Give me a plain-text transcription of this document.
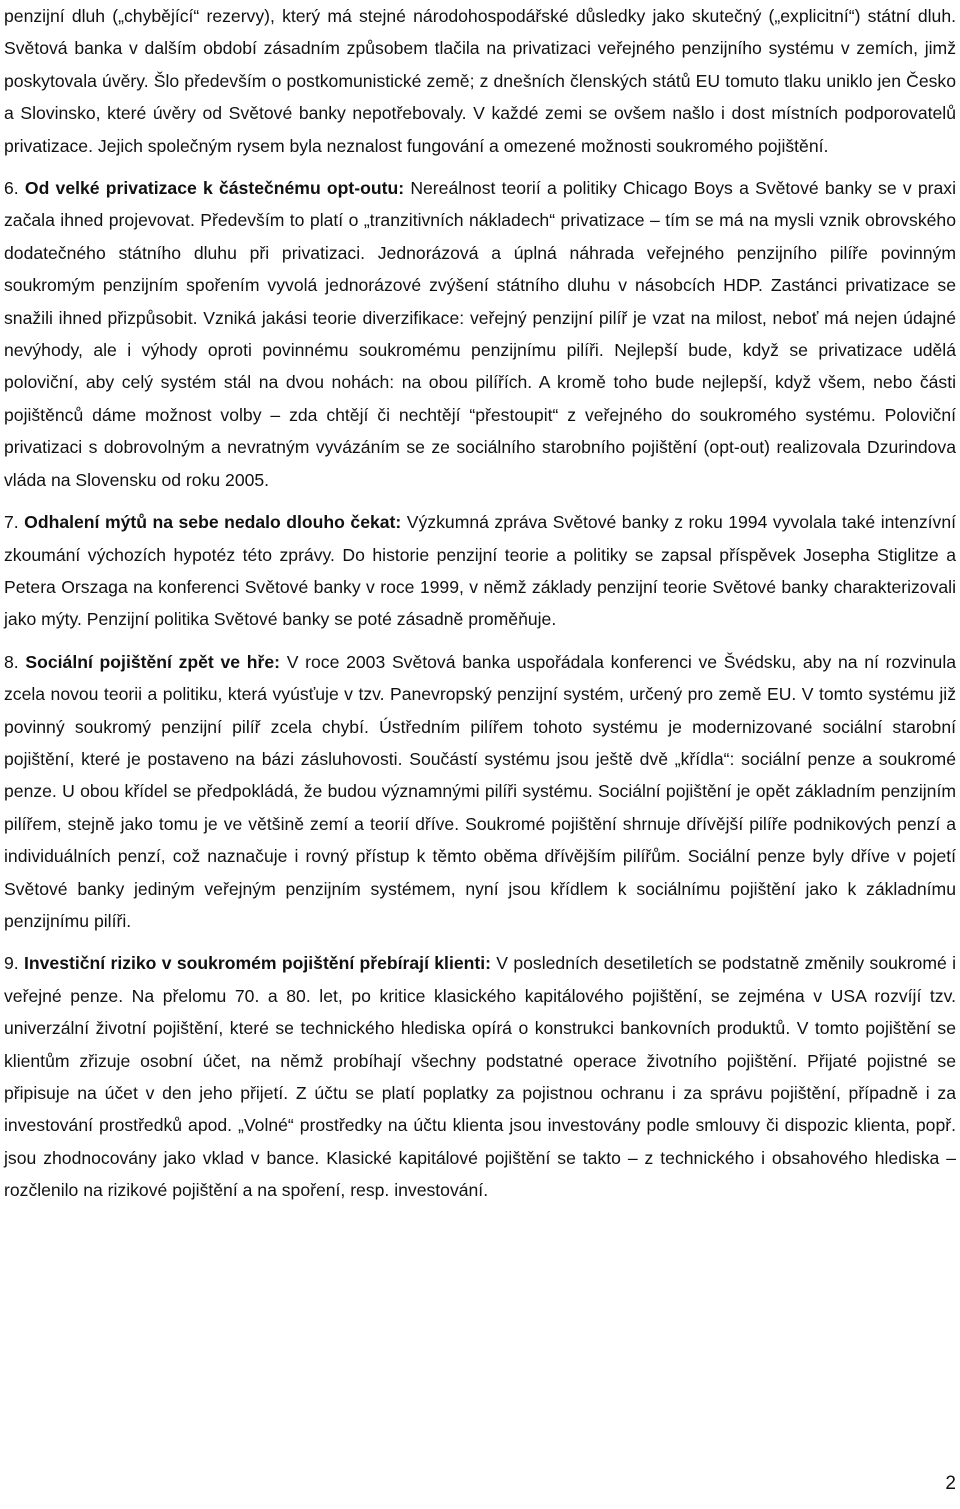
penzijní dluh („chybějící“ rezervy), který má stejné národohospodářské důsledky jako skutečný („explicitní“) státní dluh. Světová banka v dalším období zásadním způsobem tlačila na privatizaci veřejného penzijního systému v zemích, jimž poskytovala úvěry. Šlo především o postkomunistické země; z dnešních členských států EU tomuto tlaku uniklo jen Česko a Slovinsko, které úvěry od Světové banky nepotřebovaly. V každé zemi se ovšem našlo i dost místních podporovatelů privatizace. Jejich společným rysem byla neznalost fungování a omezené možnosti soukromého pojištění.

6. Od velké privatizace k částečnému opt-outu: Nereálnost teorií a politiky Chicago Boys a Světové banky se v praxi začala ihned projevovat. Především to platí o „tranzitivních nákladech“ privatizace – tím se má na mysli vznik obrovského dodatečného státního dluhu při privatizaci. Jednorázová a úplná náhrada veřejného penzijního pilíře povinným soukromým penzijním spořením vyvolá jednorázové zvýšení státního dluhu v násobcích HDP. Zastánci privatizace se snažili ihned přizpůsobit. Vzniká jakási teorie diverzifikace: veřejný penzijní pilíř je vzat na milost, neboť má nejen údajné nevýhody, ale i výhody oproti povinnému soukromému penzijnímu pilíři. Nejlepší bude, když se privatizace udělá poloviční, aby celý systém stál na dvou nohách: na obou pilířích. A kromě toho bude nejlepší, když všem, nebo části pojištěnců dáme možnost volby – zda chtějí či nechtějí “přestoupit“ z veřejného do soukromého systému. Poloviční privatizaci s dobrovolným a nevratným vyvázáním se ze sociálního starobního pojištění (opt-out) realizovala Dzurindova vláda na Slovensku od roku 2005.

7. Odhalení mýtů na sebe nedalo dlouho čekat: Výzkumná zpráva Světové banky z roku 1994 vyvolala také intenzívní zkoumání výchozích hypotéz této zprávy. Do historie penzijní teorie a politiky se zapsal příspěvek Josepha Stiglitze a Petera Orszaga na konferenci Světové banky v roce 1999, v němž základy penzijní teorie Světové banky charakterizovali jako mýty. Penzijní politika Světové banky se poté zásadně proměňuje.

8. Sociální pojištění zpět ve hře: V roce 2003 Světová banka uspořádala konferenci ve Švédsku, aby na ní rozvinula zcela novou teorii a politiku, která vyúsťuje v tzv. Panevropský penzijní systém, určený pro země EU. V tomto systému již povinný soukromý penzijní pilíř zcela chybí. Ústředním pilířem tohoto systému je modernizované sociální starobní pojištění, které je postaveno na bázi zásluhovosti. Součástí systému jsou ještě dvě „křídla“: sociální penze a soukromé penze. U obou křídel se předpokládá, že budou významnými pilíři systému. Sociální pojištění je opět základním penzijním pilířem, stejně jako tomu je ve většině zemí a teorií dříve. Soukromé pojištění shrnuje dřívější pilíře podnikových penzí a individuálních penzí, což naznačuje i rovný přístup k těmto oběma dřívějším pilířům. Sociální penze byly dříve v pojetí Světové banky jediným veřejným penzijním systémem, nyní jsou křídlem k sociálnímu pojištění jako k základnímu penzijnímu pilíři.

9. Investiční riziko v soukromém pojištění přebírají klienti: V posledních desetiletích se podstatně změnily soukromé i veřejné penze. Na přelomu 70. a 80. let, po kritice klasického kapitálového pojištění, se zejména v USA rozvíjí tzv. univerzální životní pojištění, které se technického hlediska opírá o konstrukci bankovních produktů. V tomto pojištění se klientům zřizuje osobní účet, na němž probíhají všechny podstatné operace životního pojištění. Přijaté pojistné se připisuje na účet v den jeho přijetí. Z účtu se platí poplatky za pojistnou ochranu i za správu pojištění, případně i za investování prostředků apod. „Volné“ prostředky na účtu klienta jsou investovány podle smlouvy či dispozic klienta, popř. jsou zhodnocovány jako vklad v bance. Klasické kapitálové pojištění se takto – z technického i obsahového hlediska – rozčlenilo na rizikové pojištění a na spoření, resp. investování.

2
